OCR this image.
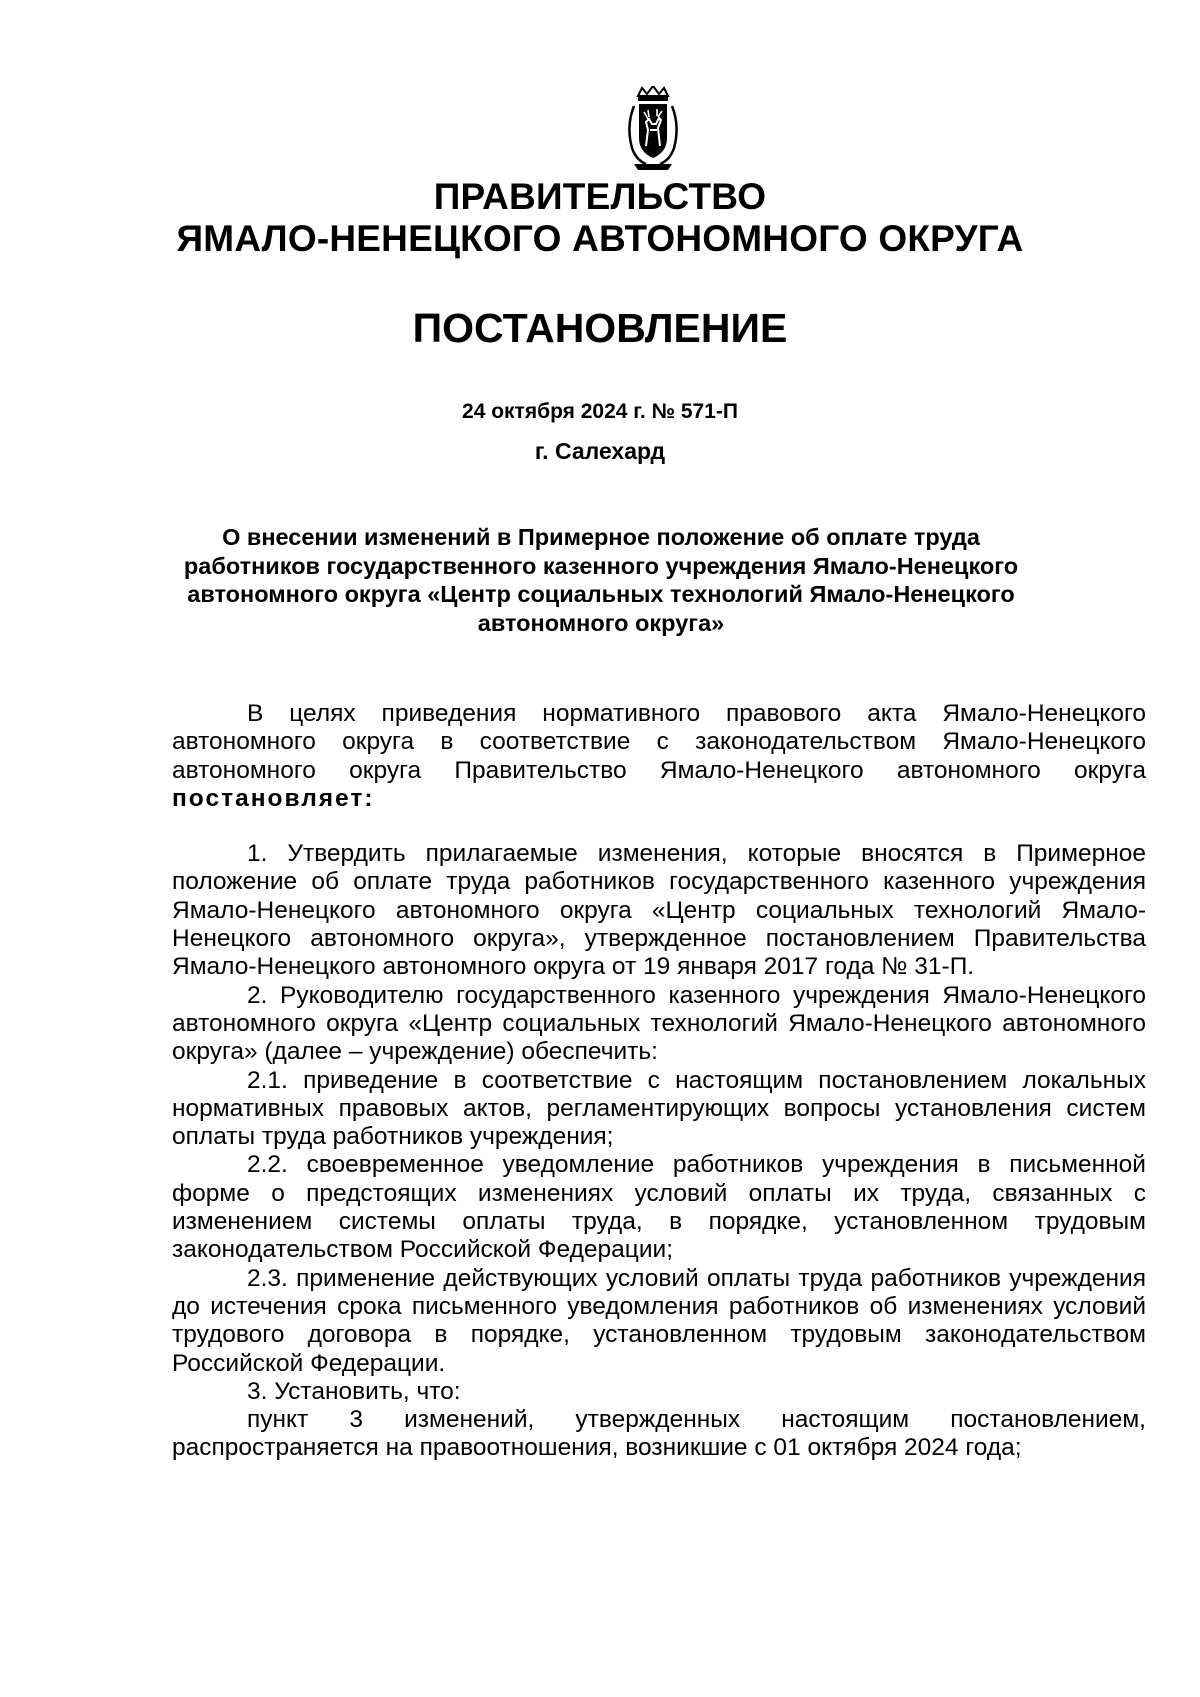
ПРАВИТЕЛЬСТВО
ЯМАЛО-НЕНЕЦКОГО АВТОНОМНОГО ОКРУГА
ПОСТАНОВЛЕНИЕ
24 октября 2024 г. № 571-П
г. Салехард
О внесении изменений в Примерное положение об оплате труда работников государственного казенного учреждения Ямало-Ненецкого автономного округа «Центр социальных технологий Ямало-Ненецкого автономного округа»

В целях приведения нормативного правового акта Ямало-Ненецкого автономного округа в соответствие с законодательством Ямало-Ненецкого автономного округа Правительство Ямало-Ненецкого автономного округа постановляет:

1. Утвердить прилагаемые изменения, которые вносятся в Примерное положение об оплате труда работников государственного казенного учреждения Ямало-Ненецкого автономного округа «Центр социальных технологий Ямало-Ненецкого автономного округа», утвержденное постановлением Правительства Ямало-Ненецкого автономного округа от 19 января 2017 года № 31-П.

2. Руководителю государственного казенного учреждения Ямало-Ненецкого автономного округа «Центр социальных технологий Ямало-Ненецкого автономного округа» (далее – учреждение) обеспечить:

2.1. приведение в соответствие с настоящим постановлением локальных нормативных правовых актов, регламентирующих вопросы установления систем оплаты труда работников учреждения;

2.2. своевременное уведомление работников учреждения в письменной форме о предстоящих изменениях условий оплаты их труда, связанных с изменением системы оплаты труда, в порядке, установленном трудовым законодательством Российской Федерации;

2.3. применение действующих условий оплаты труда работников учреждения до истечения срока письменного уведомления работников об изменениях условий трудового договора в порядке, установленном трудовым законодательством Российской Федерации.

3. Установить, что:

пункт 3 изменений, утвержденных настоящим постановлением, распространяется на правоотношения, возникшие с 01 октября 2024 года;
